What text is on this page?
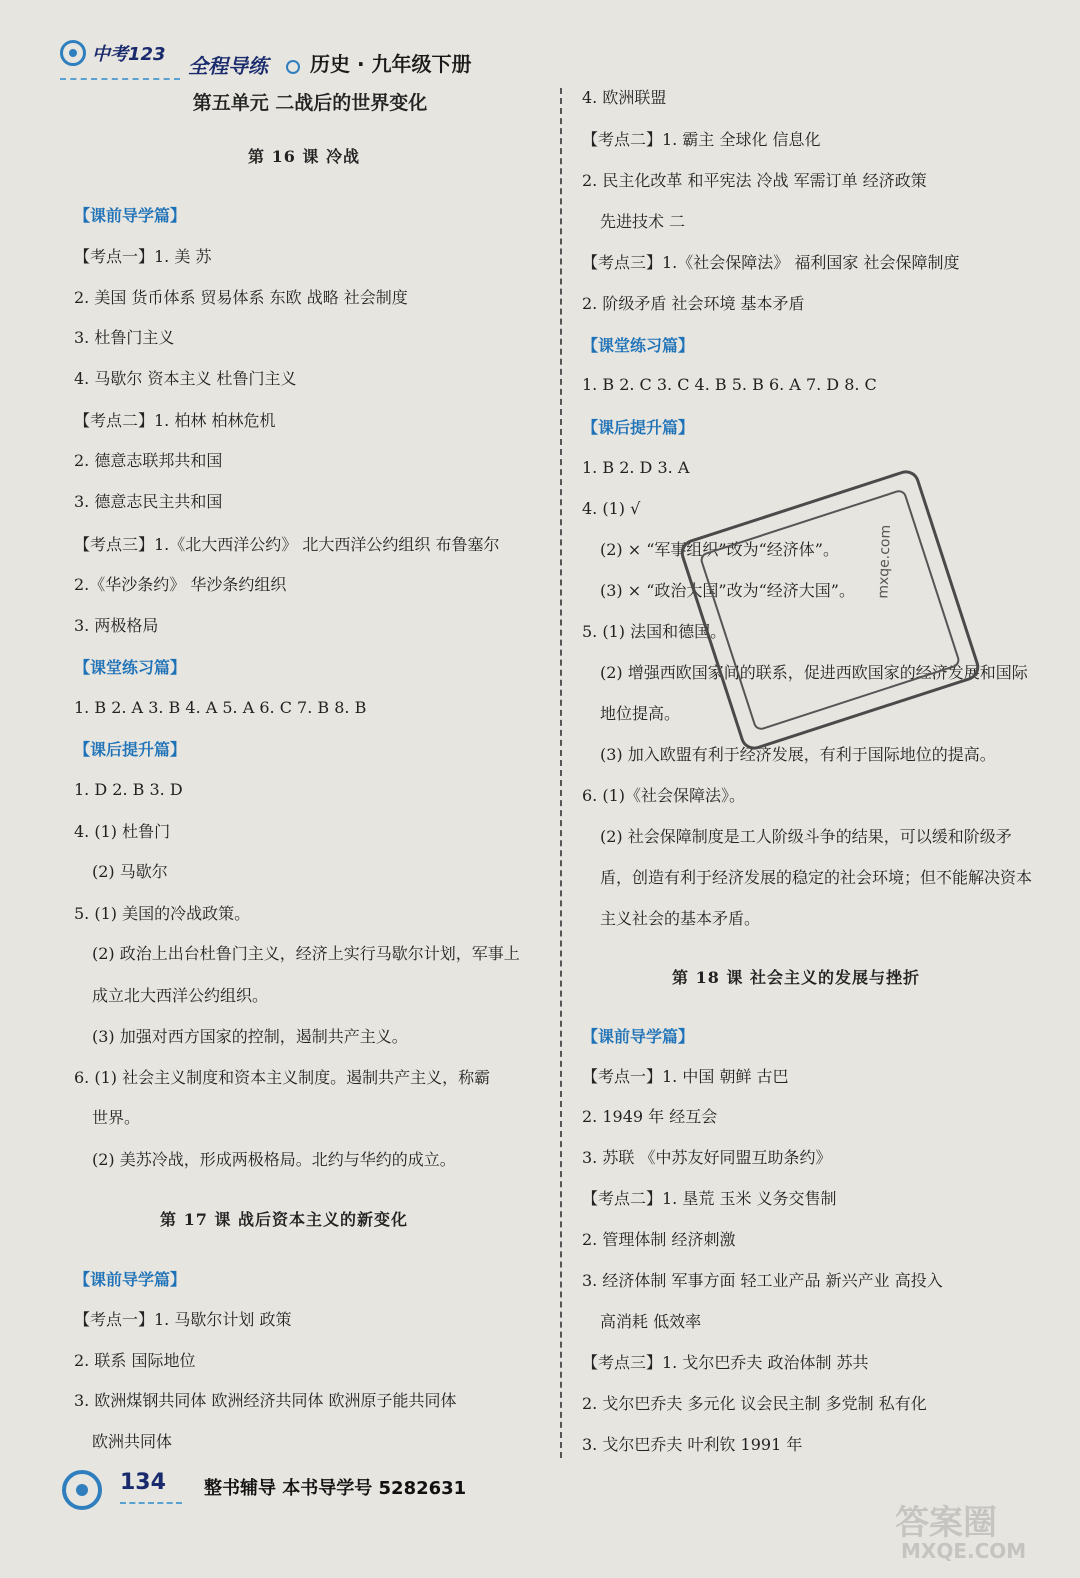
中考123 全程导练 历史 · 九年级下册
第五单元 二战后的世界变化
第 16 课 冷战
【课前导学篇】
【考点一】1. 美 苏
2. 美国 货币体系 贸易体系 东欧 战略 社会制度
3. 杜鲁门主义
4. 马歇尔 资本主义 杜鲁门主义
【考点二】1. 柏林 柏林危机
2. 德意志联邦共和国
3. 德意志民主共和国
【考点三】1.《北大西洋公约》 北大西洋公约组织 布鲁塞尔
2.《华沙条约》 华沙条约组织
3. 两极格局
【课堂练习篇】
1. B 2. A 3. B 4. A 5. A 6. C 7. B 8. B
【课后提升篇】
1. D 2. B 3. D
4. (1) 杜鲁门
(2) 马歇尔
5. (1) 美国的冷战政策。
(2) 政治上出台杜鲁门主义，经济上实行马歇尔计划，军事上
成立北大西洋公约组织。
(3) 加强对西方国家的控制，遏制共产主义。
6. (1) 社会主义制度和资本主义制度。遏制共产主义，称霸
世界。
(2) 美苏冷战，形成两极格局。北约与华约的成立。
第 17 课 战后资本主义的新变化
【课前导学篇】
【考点一】1. 马歇尔计划 政策
2. 联系 国际地位
3. 欧洲煤钢共同体 欧洲经济共同体 欧洲原子能共同体
欧洲共同体
4. 欧洲联盟
【考点二】1. 霸主 全球化 信息化
2. 民主化改革 和平宪法 冷战 军需订单 经济政策
先进技术 二
【考点三】1.《社会保障法》 福利国家 社会保障制度
2. 阶级矛盾 社会环境 基本矛盾
【课堂练习篇】
1. B 2. C 3. C 4. B 5. B 6. A 7. D 8. C
【课后提升篇】
1. B 2. D 3. A
4. (1) √
(2) × “军事组织”改为“经济体”。
(3) × “政治大国”改为“经济大国”。
5. (1) 法国和德国。
(2) 增强西欧国家间的联系，促进西欧国家的经济发展和国际
地位提高。
(3) 加入欧盟有利于经济发展，有利于国际地位的提高。
6. (1)《社会保障法》。
(2) 社会保障制度是工人阶级斗争的结果，可以缓和阶级矛
盾，创造有利于经济发展的稳定的社会环境；但不能解决资本
主义社会的基本矛盾。
第 18 课 社会主义的发展与挫折
【课前导学篇】
【考点一】1. 中国 朝鲜 古巴
2. 1949 年 经互会
3. 苏联 《中苏友好同盟互助条约》
【考点二】1. 垦荒 玉米 义务交售制
2. 管理体制 经济刺激
3. 经济体制 军事方面 轻工业产品 新兴产业 高投入
高消耗 低效率
【考点三】1. 戈尔巴乔夫 政治体制 苏共
2. 戈尔巴乔夫 多元化 议会民主制 多党制 私有化
3. 戈尔巴乔夫 叶利钦 1991 年
mxqe.com
134 整书辅导 本书导学号 5282631
答案圈
MXQE.COM
